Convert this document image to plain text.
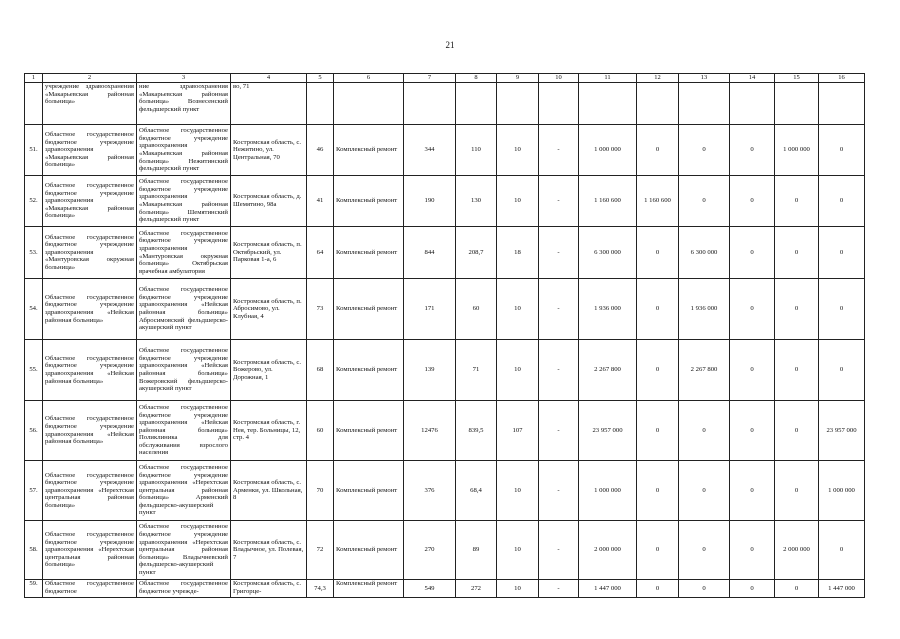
21
1	2	3	4	5	6	7	8	9	10	11	12	13	14	15	16
	учреждение здравоохранения «Макарьевская районная больница»	ние здравоохранения «Макарьевская районная больница» Вознесенский фельдшерский пункт	во, 71												
51.	Областное государственное бюджетное учреждение здравоохранения «Макарьевская районная больница»	Областное государственное бюджетное учреждение здравоохранения «Макарьевская районная больница» Нежитинский фельдшерский пункт	Костромская область, с. Нежитино, ул. Центральная, 70	46	Комплексный ремонт	344	110	10	-	1 000 000	0	0	0	1 000 000	0
52.	Областное государственное бюджетное учреждение здравоохранения «Макарьевская районная больница»	Областное государственное бюджетное учреждение здравоохранения «Макарьевская районная больница» Шемятинский фельдшерский пункт	Костромская область, д. Шемятино, 98а	41	Комплексный ремонт	190	130	10	-	1 160 600	1 160 600	0	0	0	0
53.	Областное государственное бюджетное учреждение здравоохранения «Мантуровская окружная больница»	Областное государственное бюджетное учреждение здравоохранения «Мантуровская окружная больница» Октябрьская врачебная амбулатория	Костромская область, п. Октябрьский, ул. Парковая 1-а, 6	64	Комплексный ремонт	844	208,7	18	-	6 300 000	0	6 300 000	0	0	0
54.	Областное государственное бюджетное учреждение здравоохранения «Нейская районная больница»	Областное государственное бюджетное учреждение здравоохранения «Нейская районная больница» Абросимовский фельдшерско-акушерский пункт	Костромская область, п. Абросимово, ул. Клубная, 4	73	Комплексный ремонт	171	60	10	-	1 936 000	0	1 936 000	0	0	0
55.	Областное государственное бюджетное учреждение здравоохранения «Нейская районная больница»	Областное государственное бюджетное учреждение здравоохранения «Нейская районная больница» Вожеровский фельдшерско-акушерский пункт	Костромская область, с. Вожерово, ул. Дорожная, 1	68	Комплексный ремонт	139	71	10	-	2 267 800	0	2 267 800	0	0	0
56.	Областное государственное бюджетное учреждение здравоохранения «Нейская районная больница»	Областное государственное бюджетное учреждение здравоохранения «Нейская районная больница» Поликлиника для обслуживания взрослого населения	Костромская область, г. Нея, тер. Больницы, 12, стр. 4	60	Комплексный ремонт	12476	839,5	107	-	23 957 000	0	0	0	0	23 957 000
57.	Областное государственное бюджетное учреждение здравоохранения «Нерехтская центральная районная больница»	Областное государственное бюджетное учреждение здравоохранения «Нерехтская центральная районная больница» Арменский фельдшерско-акушерский пункт	Костромская область, с. Арменки, ул. Школьная, 8	70	Комплексный ремонт	376	68,4	10	-	1 000 000	0	0	0	0	1 000 000
58.	Областное государственное бюджетное учреждение здравоохранения «Нерехтская центральная районная больница»	Областное государственное бюджетное учреждение здравоохранения «Нерехтская центральная районная больница» Владычневский фельдшерско-акушерский пункт	Костромская область, с. Владычное, ул. Полевая, 7	72	Комплексный ремонт	270	89	10	-	2 000 000	0	0	0	2 000 000	0
59.	Областное государственное бюджетное	Областное государственное бюджетное учрежде-	Костромская область, с. Григорце-	74,3	Комплексный ремонт	549	272	10	-	1 447 000	0	0	0	0	1 447 000
